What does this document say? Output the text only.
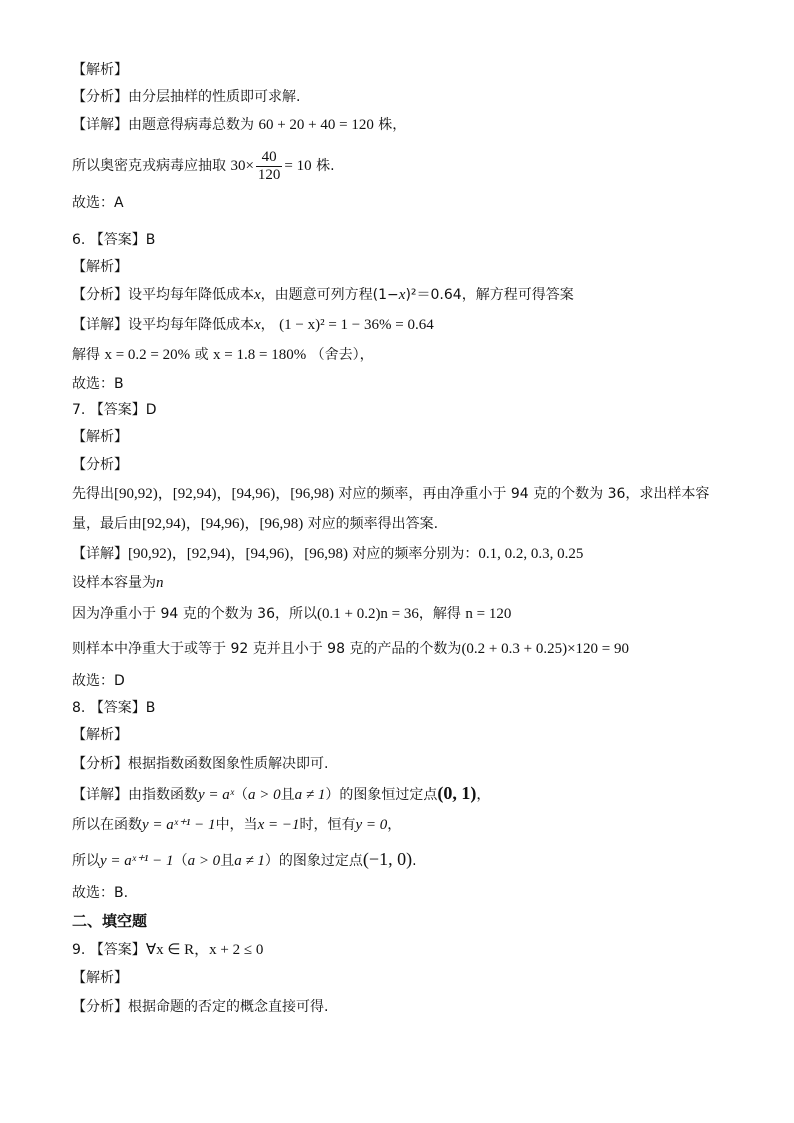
【解析】
【分析】由分层抽样的性质即可求解.
【详解】由题意得病毒总数为 60 + 20 + 40 = 120 株，
所以奥密克戎病毒应抽取 $30\times \frac{40}{120} = 10$ 株.
故选：A
6. 【答案】B
【解析】
【分析】设平均每年降低成本x，由题意可列方程(1−x)²＝0.64，解方程可得答案
【详解】设平均每年降低成本x， (1 − x)² = 1 − 36% = 0.64
解得 x = 0.2 = 20% 或 x = 1.8 = 180% （舍去），
故选：B
7. 【答案】D
【解析】
【分析】
先得出[90,92)，[92,94)，[94,96)，[96,98) 对应的频率，再由净重小于 94 克的个数为 36，求出样本容
量，最后由[92,94)，[94,96)，[96,98) 对应的频率得出答案.
【详解】[90,92)，[92,94)，[94,96)，[96,98) 对应的频率分别为：0.1, 0.2, 0.3, 0.25
设样本容量为n
因为净重小于 94 克的个数为 36，所以(0.1 + 0.2)n = 36，解得 n = 120
则样本中净重大于或等于 92 克并且小于 98 克的产品的个数为(0.2 + 0.3 + 0.25)×120 = 90
故选：D
8. 【答案】B
【解析】
【分析】根据指数函数图象性质解决即可.
【详解】由指数函数y = aˣ（a > 0且a ≠ 1）的图象恒过定点(0, 1)，
所以在函数y = aˣ⁺¹ − 1中，当x = −1时，恒有y = 0，
所以y = aˣ⁺¹ − 1（a > 0且a ≠ 1）的图象过定点(−1, 0).
故选：B.
二、填空题
9. 【答案】∀x ∈ R，x + 2 ≤ 0
【解析】
【分析】根据命题的否定的概念直接可得.
